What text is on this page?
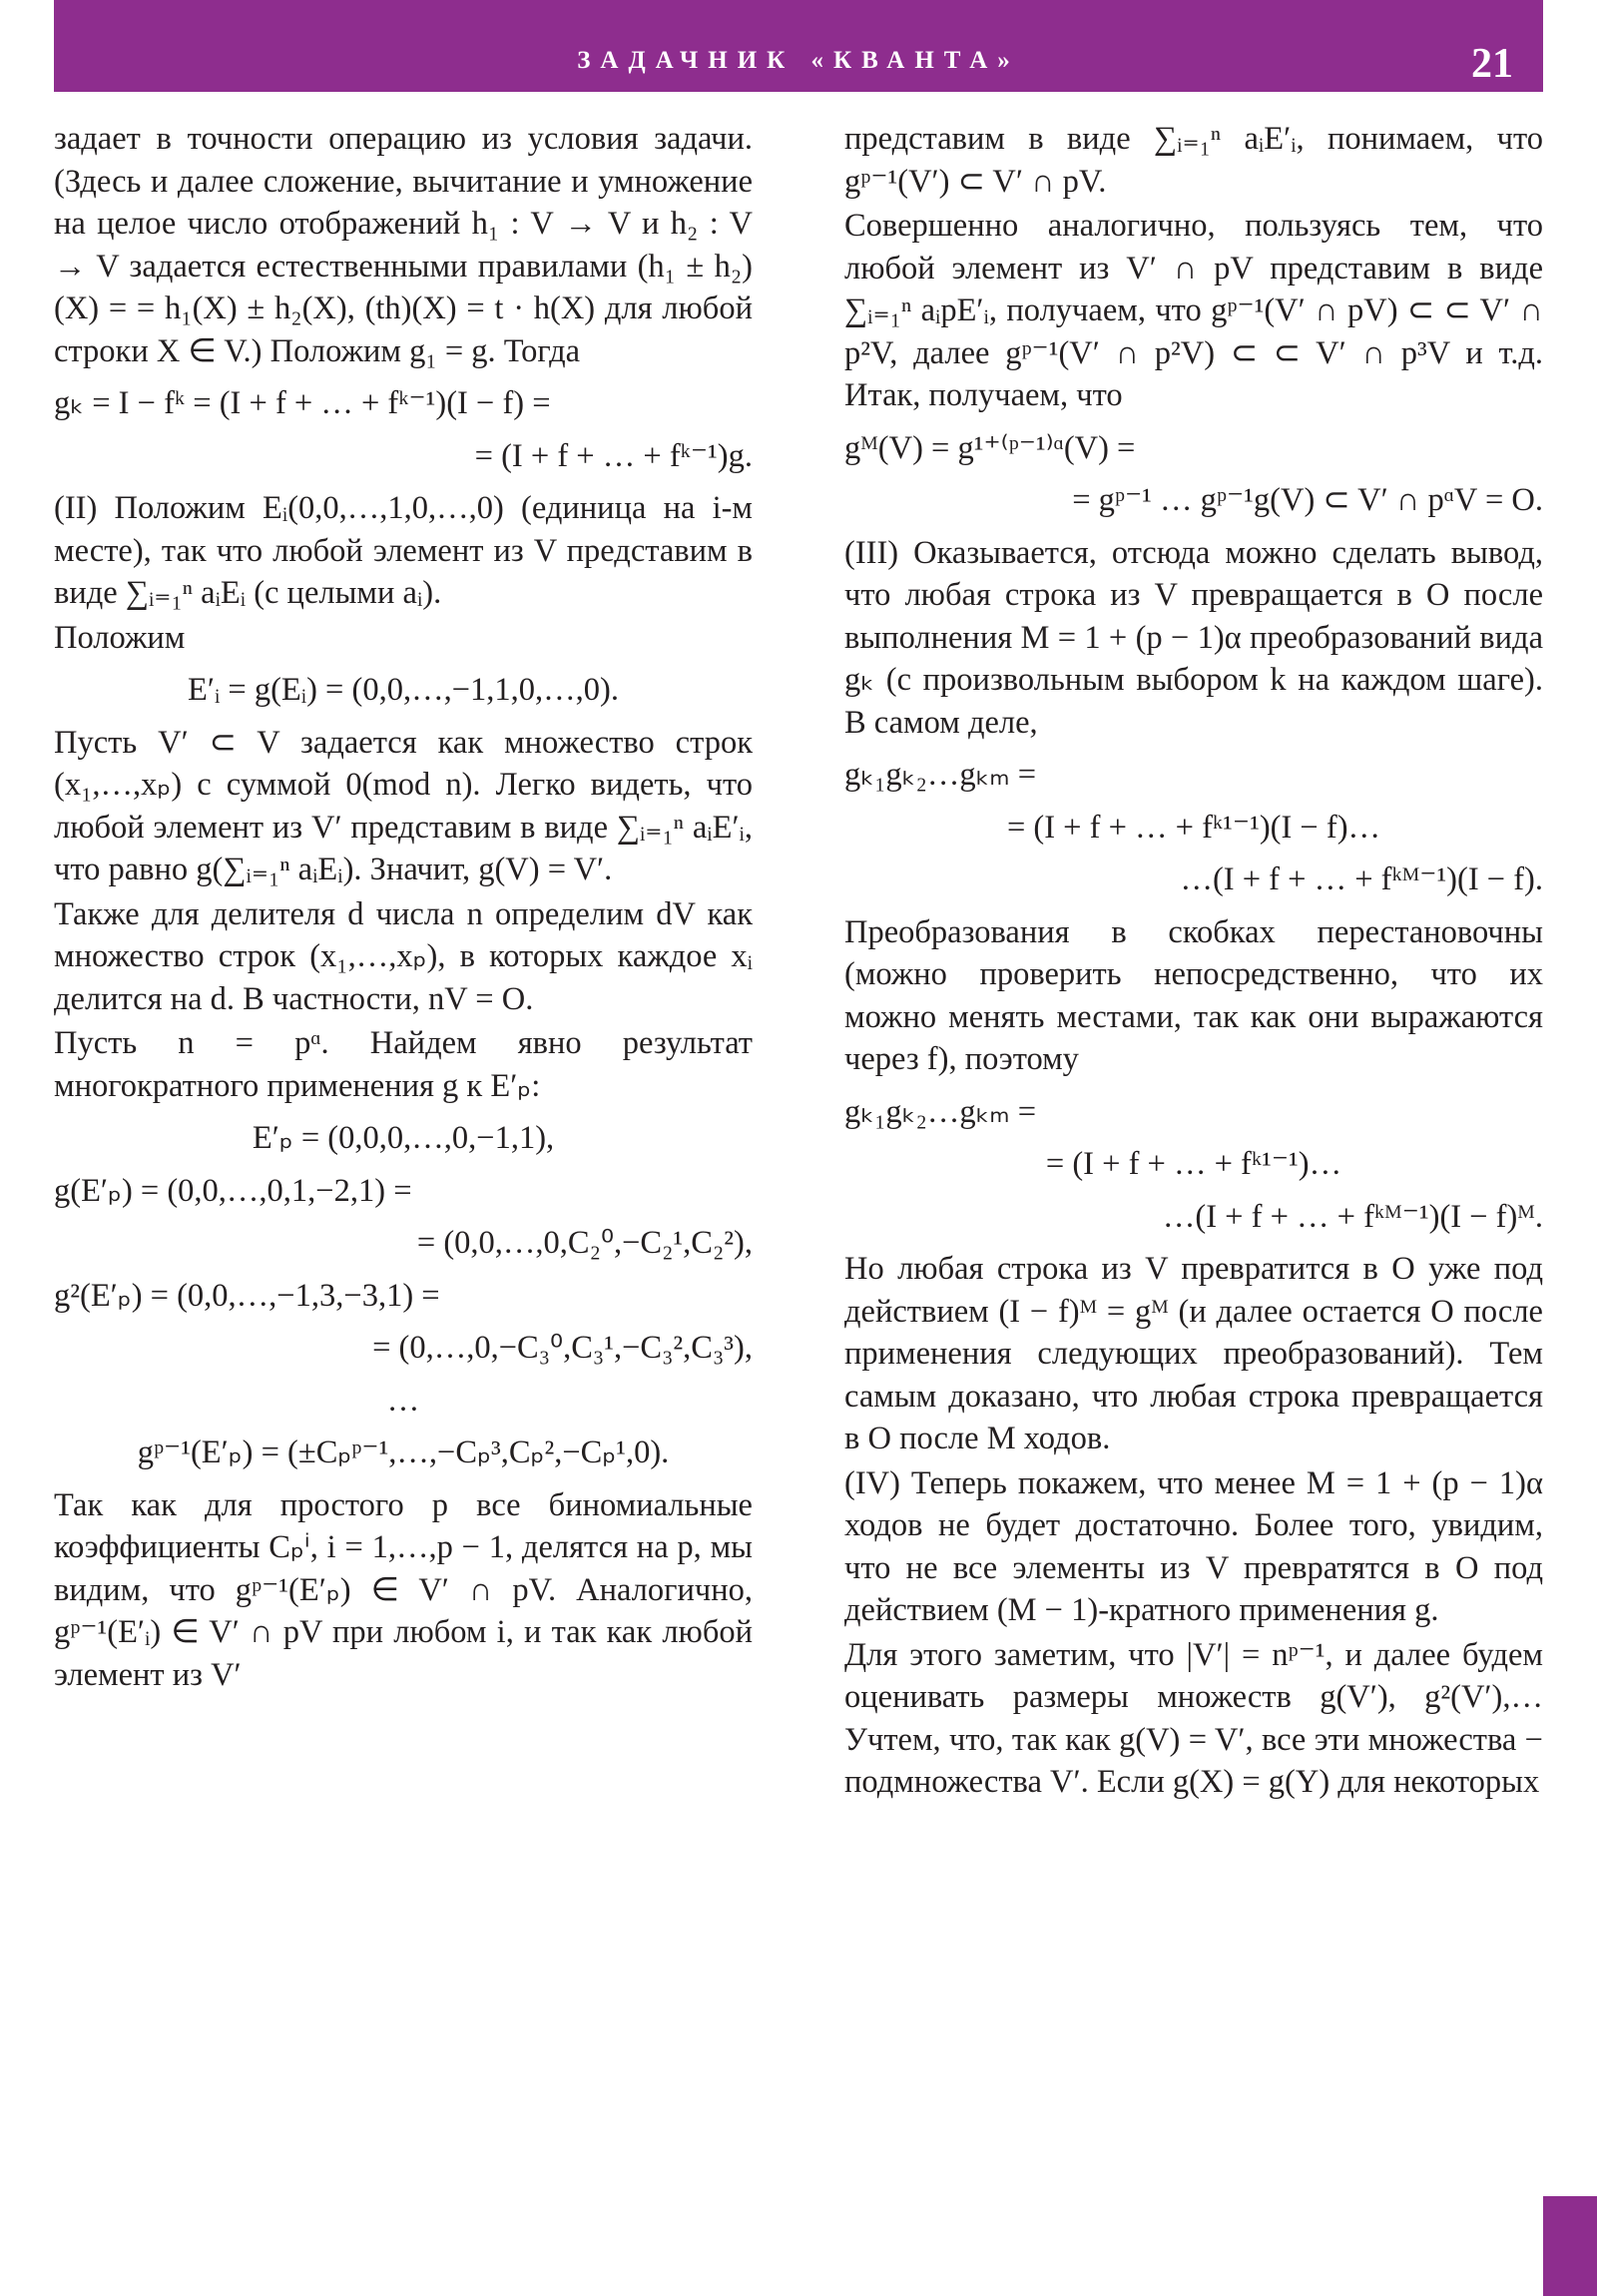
ЗАДАЧНИК «КВАНТА»	21

задает в точности операцию из условия задачи. (Здесь и далее сложение, вычитание и умножение на целое число отображений h₁ : V → V и h₂ : V → V задается естественными правилами (h₁ ± h₂)(X) = = h₁(X) ± h₂(X), (th)(X) = t · h(X) для любой строки X ∈ V.) Положим g₁ = g. Тогда

gₖ = I − fᵏ = (I + f + … + fᵏ⁻¹)(I − f) =

= (I + f + … + fᵏ⁻¹)g.

(II) Положим Eᵢ(0,0,…,1,0,…,0) (единица на i-м месте), так что любой элемент из V представим в виде ∑ᵢ₌₁ⁿ aᵢEᵢ (с целыми aᵢ).

Положим

E′ᵢ = g(Eᵢ) = (0,0,…,−1,1,0,…,0).

Пусть V′ ⊂ V задается как множество строк (x₁,…,xₚ) с суммой 0(mod n). Легко видеть, что любой элемент из V′ представим в виде ∑ᵢ₌₁ⁿ aᵢE′ᵢ, что равно g(∑ᵢ₌₁ⁿ aᵢEᵢ). Значит, g(V) = V′.

Также для делителя d числа n определим dV как множество строк (x₁,…,xₚ), в которых каждое xᵢ делится на d. В частности, nV = O.

Пусть n = pᵅ. Найдем явно результат многократного применения g к E′ₚ:

E′ₚ = (0,0,0,…,0,−1,1),

g(E′ₚ) = (0,0,…,0,1,−2,1) =

= (0,0,…,0,C₂⁰,−C₂¹,C₂²),

g²(E′ₚ) = (0,0,…,−1,3,−3,1) =

= (0,…,0,−C₃⁰,C₃¹,−C₃²,C₃³),

…

gᵖ⁻¹(E′ₚ) = (±Cₚᵖ⁻¹,…,−Cₚ³,Cₚ²,−Cₚ¹,0).

Так как для простого p все биномиальные коэффициенты Cₚⁱ, i = 1,…,p − 1, делятся на p, мы видим, что gᵖ⁻¹(E′ₚ) ∈ V′ ∩ pV. Аналогично, gᵖ⁻¹(E′ᵢ) ∈ V′ ∩ pV при любом i, и так как любой элемент из V′

представим в виде ∑ᵢ₌₁ⁿ aᵢE′ᵢ, понимаем, что gᵖ⁻¹(V′) ⊂ V′ ∩ pV.

Совершенно аналогично, пользуясь тем, что любой элемент из V′ ∩ pV представим в виде ∑ᵢ₌₁ⁿ aᵢpE′ᵢ, получаем, что gᵖ⁻¹(V′ ∩ pV) ⊂ ⊂ V′ ∩ p²V, далее gᵖ⁻¹(V′ ∩ p²V) ⊂ ⊂ V′ ∩ p³V и т.д. Итак, получаем, что

gᴹ(V) = g¹⁺⁽ᵖ⁻¹⁾ᵅ(V) =

= gᵖ⁻¹ … gᵖ⁻¹g(V) ⊂ V′ ∩ pᵅV = O.

(III) Оказывается, отсюда можно сделать вывод, что любая строка из V превращается в O после выполнения M = 1 + (p − 1)α преобразований вида gₖ (с произвольным выбором k на каждом шаге). В самом деле,

gₖ₁gₖ₂…gₖₘ =

= (I + f + … + fᵏ¹⁻¹)(I − f)…

…(I + f + … + fᵏᴹ⁻¹)(I − f).

Преобразования в скобках перестановочны (можно проверить непосредственно, что их можно менять местами, так как они выражаются через f), поэтому

gₖ₁gₖ₂…gₖₘ =

= (I + f + … + fᵏ¹⁻¹)…

…(I + f + … + fᵏᴹ⁻¹)(I − f)ᴹ.

Но любая строка из V превратится в O уже под действием (I − f)ᴹ = gᴹ (и далее остается O после применения следующих преобразований). Тем самым доказано, что любая строка превращается в O после M ходов.

(IV) Теперь покажем, что менее M = 1 + (p − 1)α ходов не будет достаточно. Более того, увидим, что не все элементы из V превратятся в O под действием (M − 1)-кратного применения g.

Для этого заметим, что |V′| = nᵖ⁻¹, и далее будем оценивать размеры множеств g(V′), g²(V′),… Учтем, что, так как g(V) = V′, все эти множества − подмножества V′. Если g(X) = g(Y) для некоторых
